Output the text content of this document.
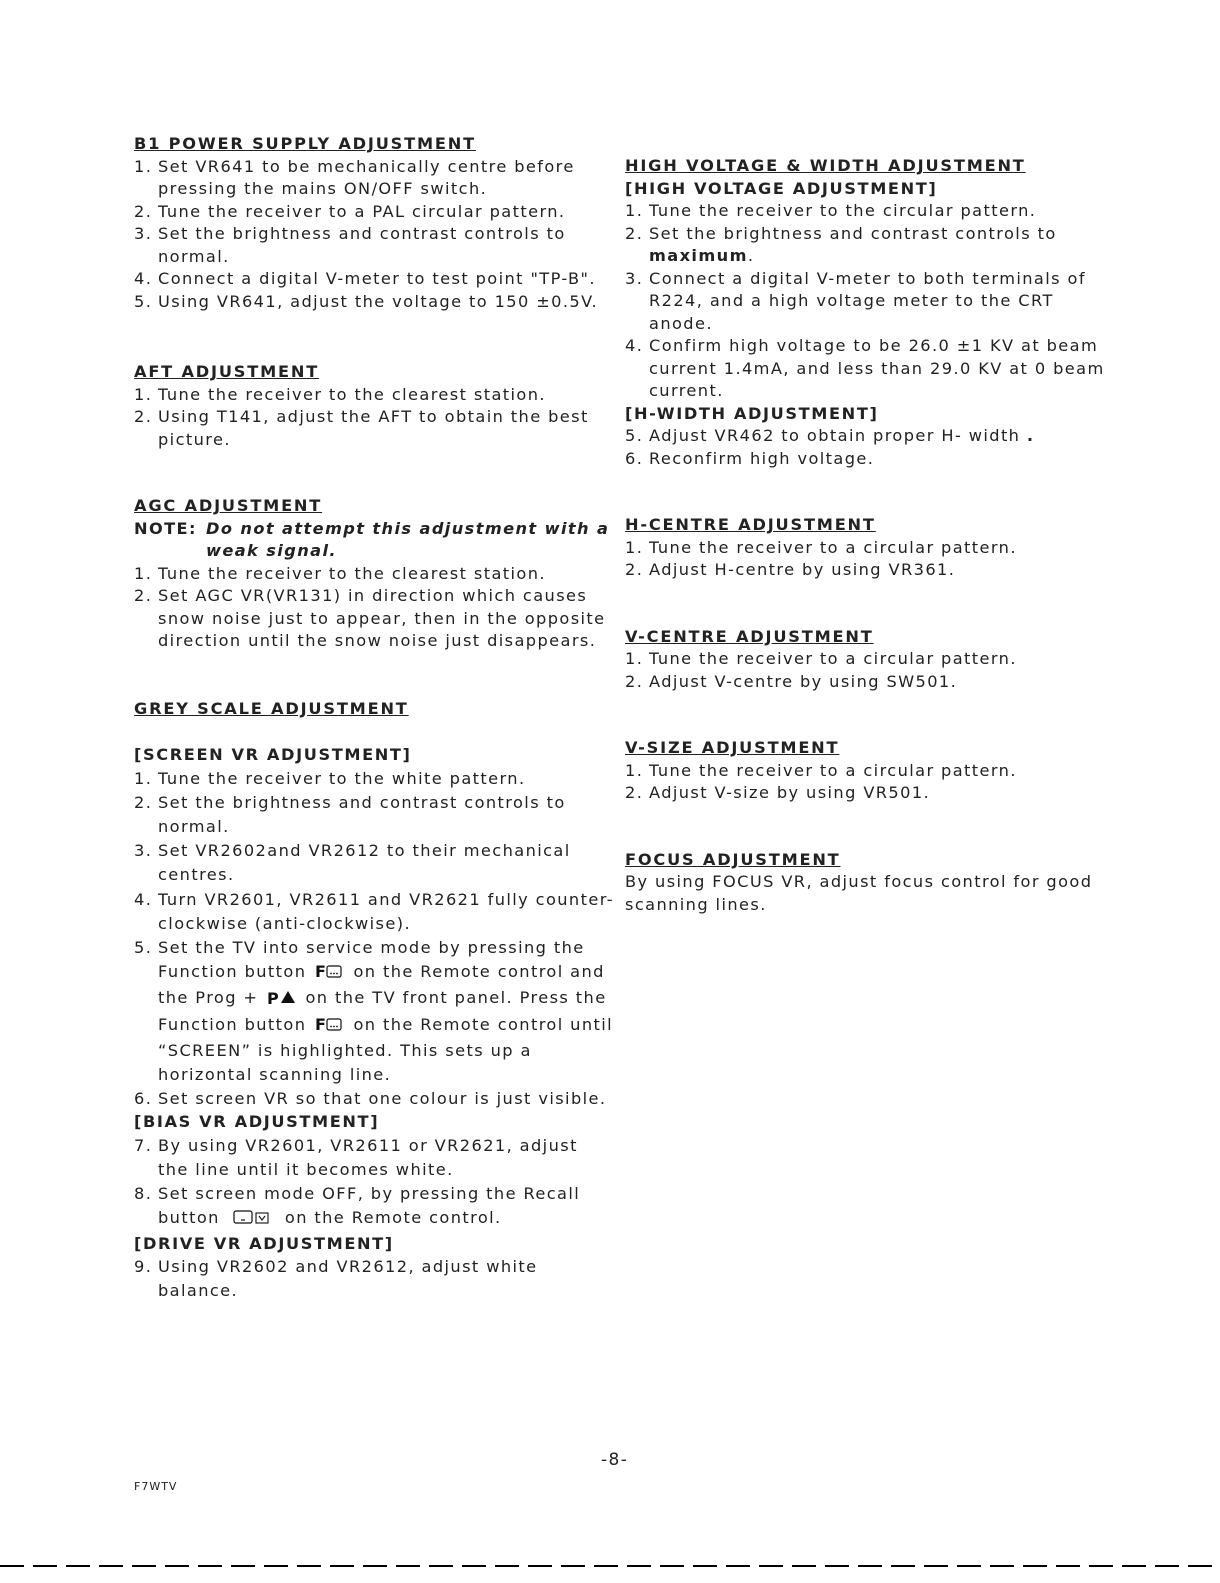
B1 POWER SUPPLY ADJUSTMENT
1. Set VR641 to be mechanically centre before pressing the mains ON/OFF switch.
2. Tune the receiver to a PAL circular pattern.
3. Set the brightness and contrast controls to normal.
4. Connect a digital V-meter to test point "TP-B".
5. Using VR641, adjust the voltage to 150 ±0.5V.
AFT ADJUSTMENT
1. Tune the receiver to the clearest station.
2. Using T141, adjust the AFT to obtain the best picture.
AGC ADJUSTMENT
NOTE: Do not attempt this adjustment with a weak signal.
1. Tune the receiver to the clearest station.
2. Set AGC VR(VR131) in direction which causes snow noise just to appear, then in the opposite direction until the snow noise just disappears.
GREY SCALE ADJUSTMENT
[SCREEN VR ADJUSTMENT]
1. Tune the receiver to the white pattern.
2. Set the brightness and contrast controls to normal.
3. Set VR2602and VR2612 to their mechanical centres.
4. Turn VR2601, VR2611 and VR2621 fully counter-clockwise (anti-clockwise).
5. Set the TV into service mode by pressing the Function button F on the Remote control and the Prog + P on the TV front panel. Press the Function button F on the Remote control until “SCREEN” is highlighted. This sets up a horizontal scanning line.
6. Set screen VR so that one colour is just visible.
[BIAS VR ADJUSTMENT]
7. By using VR2601, VR2611 or VR2621, adjust the line until it becomes white.
8. Set screen mode OFF, by pressing the Recall button	on the Remote control.
[DRIVE VR ADJUSTMENT]
9. Using VR2602 and VR2612, adjust white balance.
HIGH VOLTAGE & WIDTH ADJUSTMENT
[HIGH VOLTAGE ADJUSTMENT]
1. Tune the receiver to the circular pattern.
2. Set the brightness and contrast controls to maximum.
3. Connect a digital V-meter to both terminals of R224, and a high voltage meter to the CRT anode.
4. Confirm high voltage to be 26.0 ±1 KV at beam current 1.4mA, and less than 29.0 KV at 0 beam current.
[H-WIDTH ADJUSTMENT]
5. Adjust VR462 to obtain proper H- width .
6. Reconfirm high voltage.
H-CENTRE ADJUSTMENT
1. Tune the receiver to a circular pattern.
2. Adjust H-centre by using VR361.
V-CENTRE ADJUSTMENT
1. Tune the receiver to a circular pattern.
2. Adjust V-centre by using SW501.
V-SIZE ADJUSTMENT
1. Tune the receiver to a circular pattern.
2. Adjust V-size by using VR501.
FOCUS ADJUSTMENT
By using FOCUS VR, adjust focus control for good scanning lines.
-8-
F7WTV
